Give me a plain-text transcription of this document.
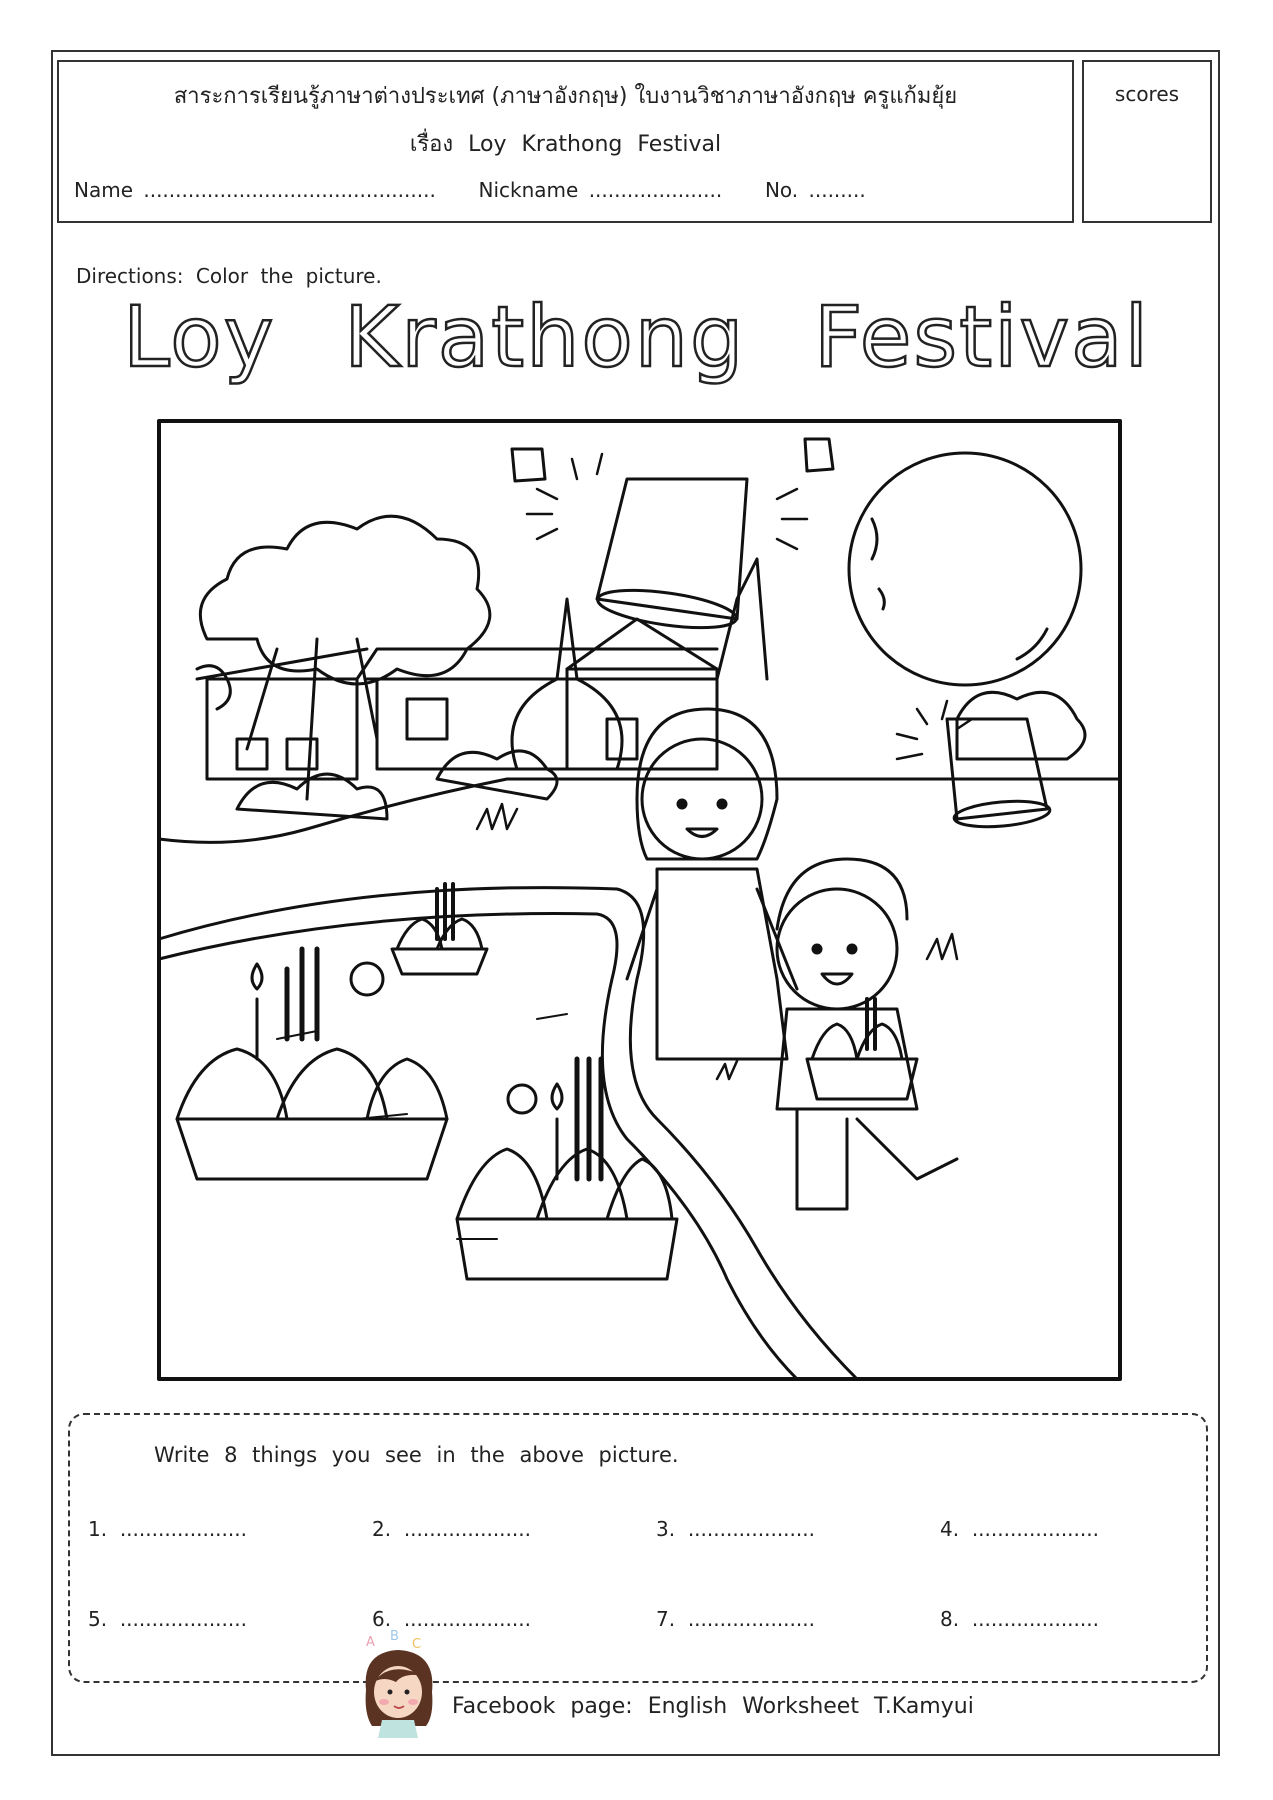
สาระการเรียนรู้ภาษาต่างประเทศ (ภาษาอังกฤษ) ใบงานวิชาภาษาอังกฤษ ครูแก้มยุ้ย
เรื่อง Loy Krathong Festival
Name .............................................. Nickname ..................... No. .........
scores
Directions: Color the picture.
Loy Krathong Festival
Write 8 things you see in the above picture.
1. ....................	2. ....................	3. ....................	4. ....................
5. ....................	6. ....................	7. ....................	8. ....................
A B
C
Facebook page: English Worksheet T.Kamyui
